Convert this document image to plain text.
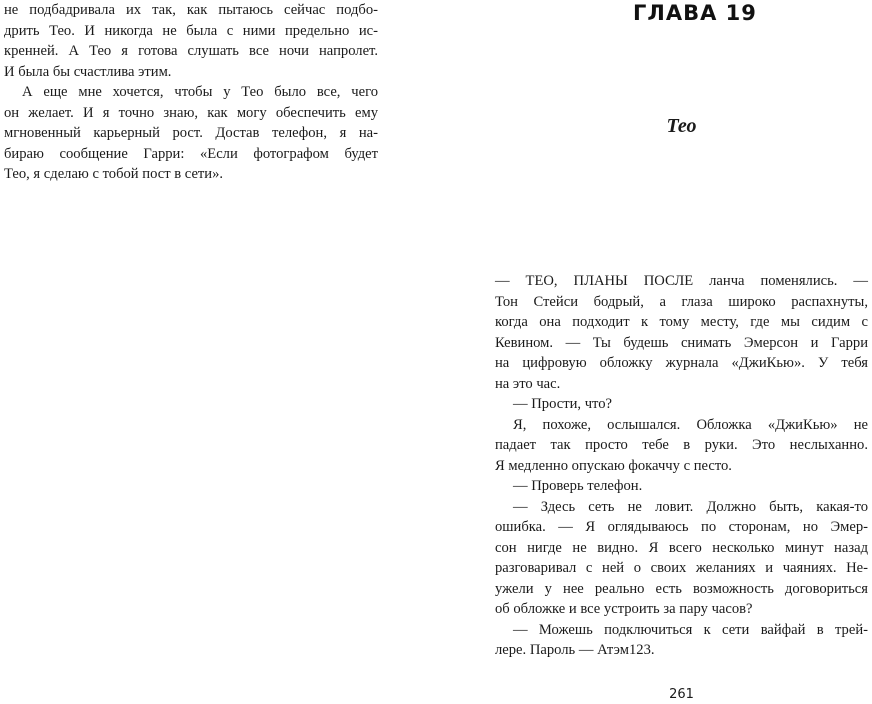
не подбадривала их так, как пытаюсь сейчас подбо-
дрить Тео. И никогда не была с ними предельно ис-
кренней. А Тео я готова слушать все ночи напролет.
И была бы счастлива этим.
А еще мне хочется, чтобы у Тео было все, чего
он желает. И я точно знаю, как могу обеспечить ему
мгновенный карьерный рост. Достав телефон, я на-
бираю сообщение Гарри: «Если фотографом будет
Тео, я сделаю с тобой пост в сети».
ГЛАВА 19
Тео
— ТЕО, ПЛАНЫ ПОСЛЕ ланча поменялись. —
Тон Стейси бодрый, а глаза широко распахнуты,
когда она подходит к тому месту, где мы сидим с
Кевином. — Ты будешь снимать Эмерсон и Гарри
на цифровую обложку журнала «ДжиКью». У тебя
на это час.
— Прости, что?
Я, похоже, ослышался. Обложка «ДжиКью» не
падает так просто тебе в руки. Это неслыханно.
Я медленно опускаю фокаччу с песто.
— Проверь телефон.
— Здесь сеть не ловит. Должно быть, какая-то
ошибка. — Я оглядываюсь по сторонам, но Эмер-
сон нигде не видно. Я всего несколько минут назад
разговаривал с ней о своих желаниях и чаяниях. Не-
ужели у нее реально есть возможность договориться
об обложке и все устроить за пару часов?
— Можешь подключиться к сети вайфай в трей-
лере. Пароль — Атэм123.
261
